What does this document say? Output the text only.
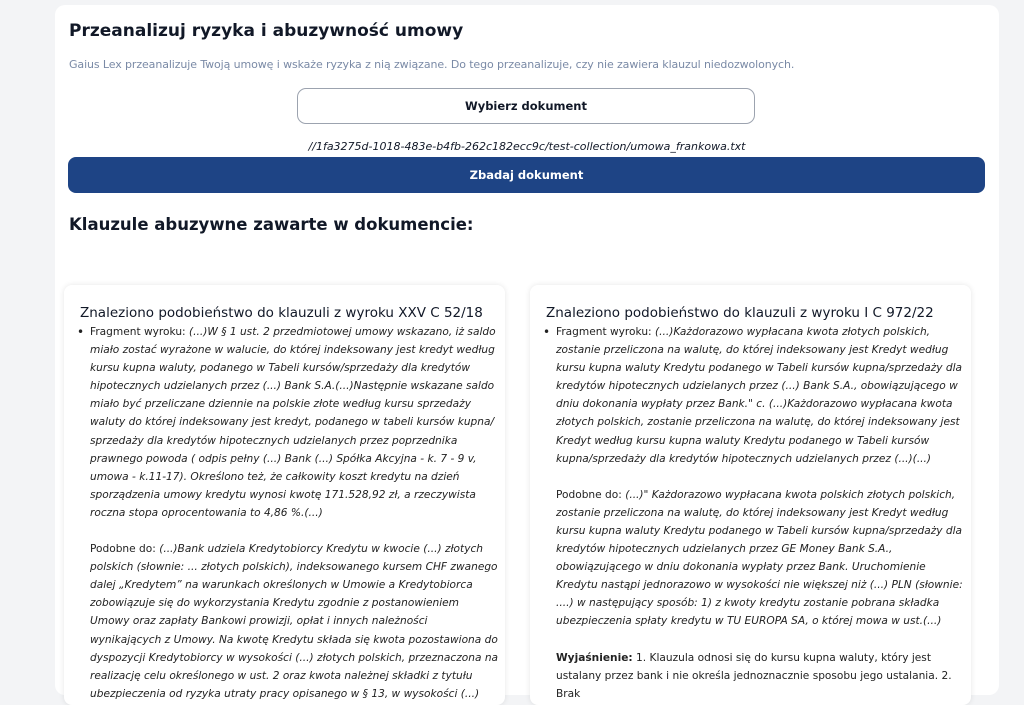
Przeanalizuj ryzyka i abuzywność umowy
Gaius Lex przeanalizuje Twoją umowę i wskaże ryzyka z nią związane. Do tego przeanalizuje, czy nie zawiera klauzul niedozwolonych.
Wybierz dokument
//1fa3275d-1018-483e-b4fb-262c182ecc9c/test-collection/umowa_frankowa.txt
Zbadaj dokument
Klauzule abuzywne zawarte w dokumencie:
Znaleziono podobieństwo do klauzuli z wyroku XXV C 52/18
• Fragment wyroku: (...)W § 1 ust. 2 przedmiotowej umowy wskazano, iż saldo miało zostać wyrażone w walucie, do której indeksowany jest kredyt według kursu kupna waluty, podanego w Tabeli kursów/sprzedaży dla kredytów hipotecznych udzielanych przez (...) Bank S.A.(...)Następnie wskazane saldo miało być przeliczane dziennie na polskie złote według kursu sprzedaży waluty do której indeksowany jest kredyt, podanego w tabeli kursów kupna/ sprzedaży dla kredytów hipotecznych udzielanych przez poprzednika prawnego powoda ( odpis pełny (...) Bank (...) Spółka Akcyjna - k. 7 - 9 v, umowa - k.11-17). Określono też, że całkowity koszt kredytu na dzień sporządzenia umowy kredytu wynosi kwotę 171.528,92 zł, a rzeczywista roczna stopa oprocentowania to 4,86 %.(...)
Podobne do: (...)Bank udziela Kredytobiorcy Kredytu w kwocie (...) złotych polskich (słownie: ... złotych polskich), indeksowanego kursem CHF zwanego dalej „Kredytem” na warunkach określonych w Umowie a Kredytobiorca zobowiązuje się do wykorzystania Kredytu zgodnie z postanowieniem Umowy oraz zapłaty Bankowi prowizji, opłat i innych należności wynikających z Umowy. Na kwotę Kredytu składa się kwota pozostawiona do dyspozycji Kredytobiorcy w wysokości (...) złotych polskich, przeznaczona na realizację celu określonego w ust. 2 oraz kwota należnej składki z tytułu ubezpieczenia od ryzyka utraty pracy opisanego w § 13, w wysokości (...)
Znaleziono podobieństwo do klauzuli z wyroku I C 972/22
• Fragment wyroku: (...)Każdorazowo wypłacana kwota złotych polskich, zostanie przeliczona na walutę, do której indeksowany jest Kredyt według kursu kupna waluty Kredytu podanego w Tabeli kursów kupna/sprzedaży dla kredytów hipotecznych udzielanych przez (...) Bank S.A., obowiązującego w dniu dokonania wypłaty przez Bank." c. (...)Każdorazowo wypłacana kwota złotych polskich, zostanie przeliczona na walutę, do której indeksowany jest Kredyt według kursu kupna waluty Kredytu podanego w Tabeli kursów kupna/sprzedaży dla kredytów hipotecznych udzielanych przez (...)(...)
Podobne do: (...)" Każdorazowo wypłacana kwota polskich złotych polskich, zostanie przeliczona na walutę, do której indeksowany jest Kredyt według kursu kupna waluty Kredytu podanego w Tabeli kursów kupna/sprzedaży dla kredytów hipotecznych udzielanych przez GE Money Bank S.A., obowiązującego w dniu dokonania wypłaty przez Bank. Uruchomienie Kredytu nastąpi jednorazowo w wysokości nie większej niż (...) PLN (słownie: ....) w następujący sposób: 1) z kwoty kredytu zostanie pobrana składka ubezpieczenia spłaty kredytu w TU EUROPA SA, o której mowa w ust.(...)
Wyjaśnienie: 1. Klauzula odnosi się do kursu kupna waluty, który jest ustalany przez bank i nie określa jednoznacznie sposobu jego ustalania. 2. Brak
